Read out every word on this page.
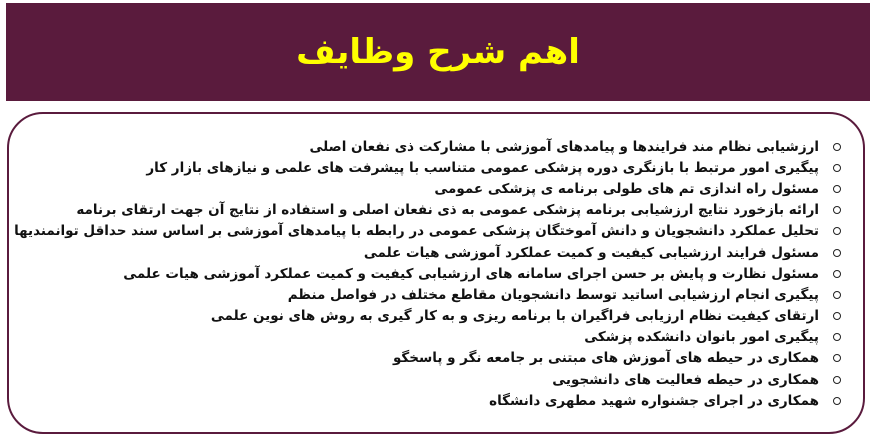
اهم شرح وظایف
ارزشیابی نظام مند فرایندها و پیامدهای آموزشی با مشارکت ذی نفعان اصلی
پیگیری امور مرتبط با بازنگری دوره پزشکی عمومی متناسب با پیشرفت های علمی و نیازهای بازار کار
مسئول راه اندازی تم های طولی برنامه ی پزشکی عمومی
ارائه بازخورد نتایج ارزشیابی برنامه پزشکی عمومی به ذی نفعان اصلی و استفاده از نتایج آن جهت ارتقای برنامه
تحلیل عملکرد دانشجویان و دانش آموختگان پزشکی عمومی در رابطه با پیامدهای آموزشی بر اساس سند حداقل توانمندیها
مسئول فرایند ارزشیابی کیفیت و کمیت عملکرد آموزشی هیات علمی
مسئول نظارت و پایش بر حسن اجرای سامانه های ارزشیابی کیفیت و کمیت عملکرد آموزشی هیات علمی
پیگیری انجام ارزشیابی اساتید توسط دانشجویان مقاطع مختلف در فواصل منظم
ارتقای کیفیت نظام ارزیابی فراگیران با برنامه ریزی و به کار گیری به روش های نوین علمی
پیگیری امور بانوان دانشکده پزشکی
همکاری در حیطه های آموزش های مبتنی بر جامعه نگر و پاسخگو
همکاری در حیطه فعالیت های دانشجویی
همکاری در اجرای جشنواره شهید مطهری دانشگاه
